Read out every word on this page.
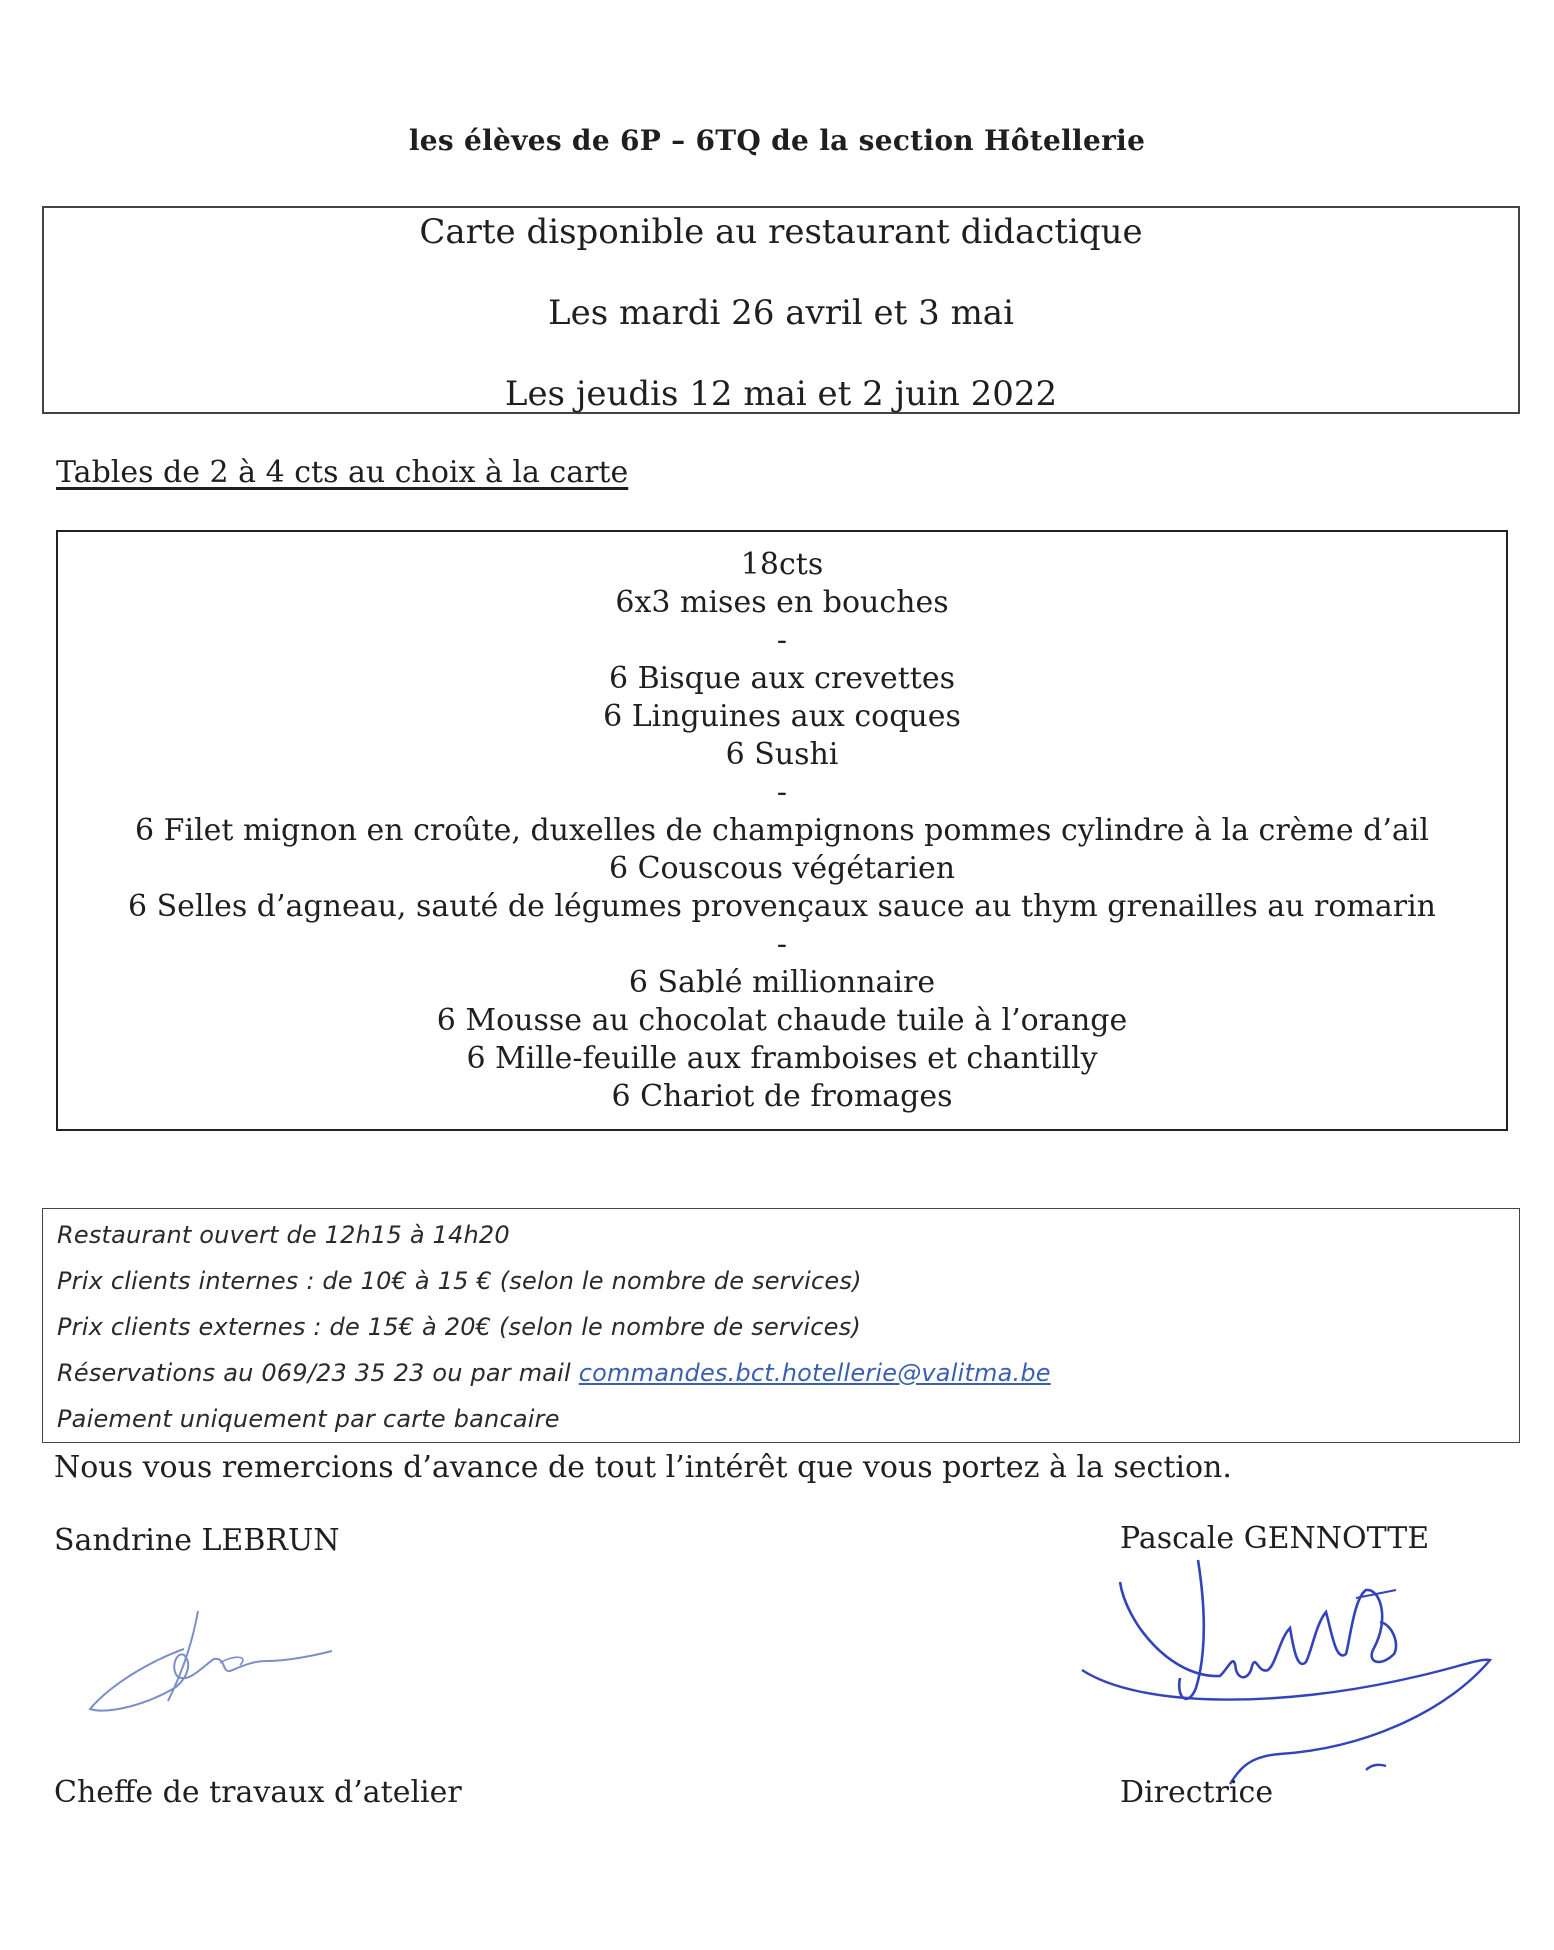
les élèves de 6P – 6TQ de la section Hôtellerie
Carte disponible au restaurant didactique
Les mardi 26 avril et 3 mai
Les jeudis 12 mai et 2 juin 2022
Tables de 2 à 4 cts au choix à la carte
18cts
6x3 mises en bouches
-
6 Bisque aux crevettes
6 Linguines aux coques
6 Sushi
-
6 Filet mignon en croûte, duxelles de champignons pommes cylindre à la crème d’ail
6 Couscous végétarien
6 Selles d’agneau, sauté de légumes provençaux sauce au thym grenailles au romarin
-
6 Sablé millionnaire
6 Mousse au chocolat chaude tuile à l’orange
6 Mille-feuille aux framboises et chantilly
6 Chariot de fromages
Restaurant ouvert de 12h15 à 14h20
Prix clients internes : de 10€ à 15 € (selon le nombre de services)
Prix clients externes : de 15€ à 20€ (selon le nombre de services)
Réservations au 069/23 35 23 ou par mail commandes.bct.hotellerie@valitma.be
Paiement uniquement par carte bancaire
Nous vous remercions d’avance de tout l’intérêt que vous portez à la section.
Sandrine LEBRUN	Pascale GENNOTTE
Cheffe de travaux d’atelier	Directrice
